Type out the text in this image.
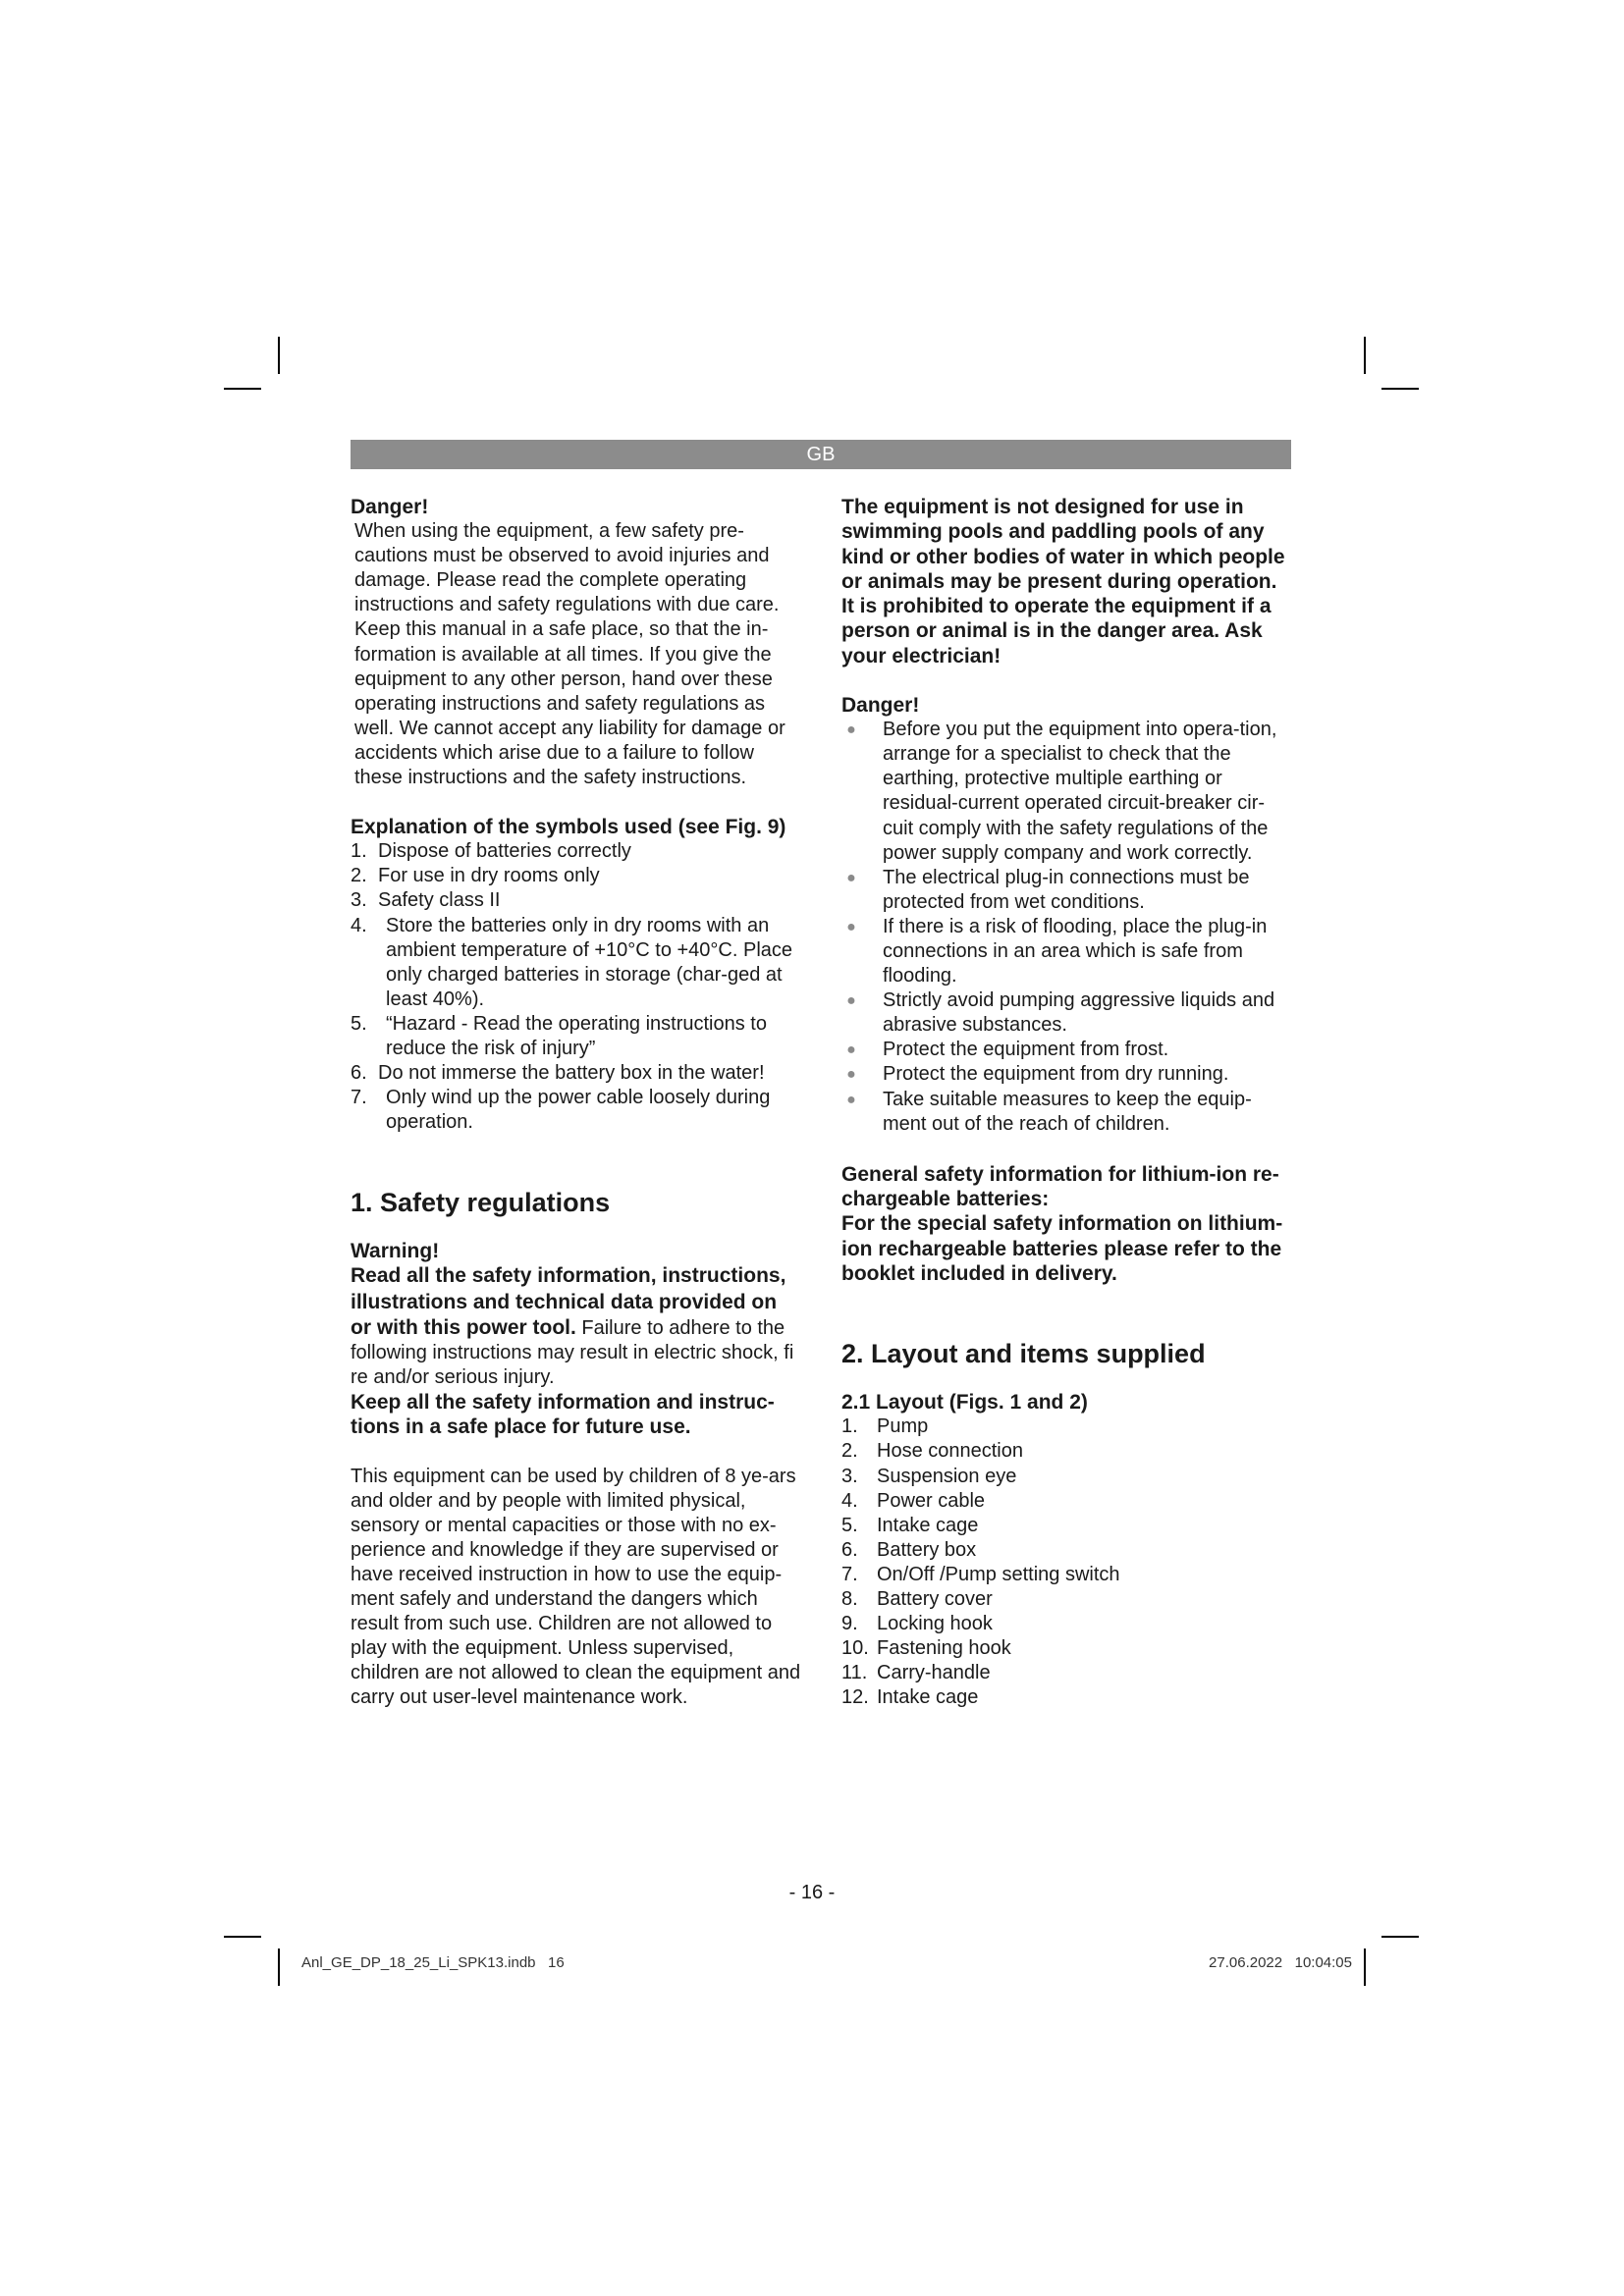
GB

Danger!

When using the equipment, a few safety pre-cautions must be observed to avoid injuries and damage. Please read the complete operating instructions and safety regulations with due care. Keep this manual in a safe place, so that the in-formation is available at all times. If you give the equipment to any other person, hand over these operating instructions and safety regulations as well. We cannot accept any liability for damage or accidents which arise due to a failure to follow these instructions and the safety instructions.

Explanation of the symbols used (see Fig. 9)

1. Dispose of batteries correctly
2. For use in dry rooms only
3. Safety class II
4. Store the batteries only in dry rooms with an ambient temperature of +10°C to +40°C. Place only charged batteries in storage (char-ged at least 40%).
5. “Hazard - Read the operating instructions to reduce the risk of injury”
6. Do not immerse the battery box in the water!
7. Only wind up the power cable loosely during operation.

1. Safety regulations

Warning!

Read all the safety information, instructions, illustrations and technical data provided on or with this power tool. Failure to adhere to the following instructions may result in electric shock, fi re and/or serious injury.

Keep all the safety information and instruc-tions in a safe place for future use.

This equipment can be used by children of 8 ye-ars and older and by people with limited physical, sensory or mental capacities or those with no ex-perience and knowledge if they are supervised or have received instruction in how to use the equip-ment safely and understand the dangers which result from such use. Children are not allowed to play with the equipment. Unless supervised, children are not allowed to clean the equipment and carry out user-level maintenance work.

The equipment is not designed for use in swimming pools and paddling pools of any kind or other bodies of water in which people or animals may be present during operation. It is prohibited to operate the equipment if a person or animal is in the danger area. Ask your electrician!

Danger!

● Before you put the equipment into opera-tion, arrange for a specialist to check that the earthing, protective multiple earthing or residual-current operated circuit-breaker cir-cuit comply with the safety regulations of the power supply company and work correctly.
● The electrical plug-in connections must be protected from wet conditions.
● If there is a risk of flooding, place the plug-in connections in an area which is safe from flooding.
● Strictly avoid pumping aggressive liquids and abrasive substances.
● Protect the equipment from frost.
● Protect the equipment from dry running.
● Take suitable measures to keep the equip-ment out of the reach of children.

General safety information for lithium-ion re-chargeable batteries:

For the special safety information on lithium-ion rechargeable batteries please refer to the booklet included in delivery.

2. Layout and items supplied

2.1 Layout (Figs. 1 and 2)

1. Pump
2. Hose connection
3. Suspension eye
4. Power cable
5. Intake cage
6. Battery box
7. On/Off /Pump setting switch
8. Battery cover
9. Locking hook
10. Fastening hook
11. Carry-handle
12. Intake cage
- 16 -
Anl_GE_DP_18_25_Li_SPK13.indb   16	27.06.2022   10:04:05
